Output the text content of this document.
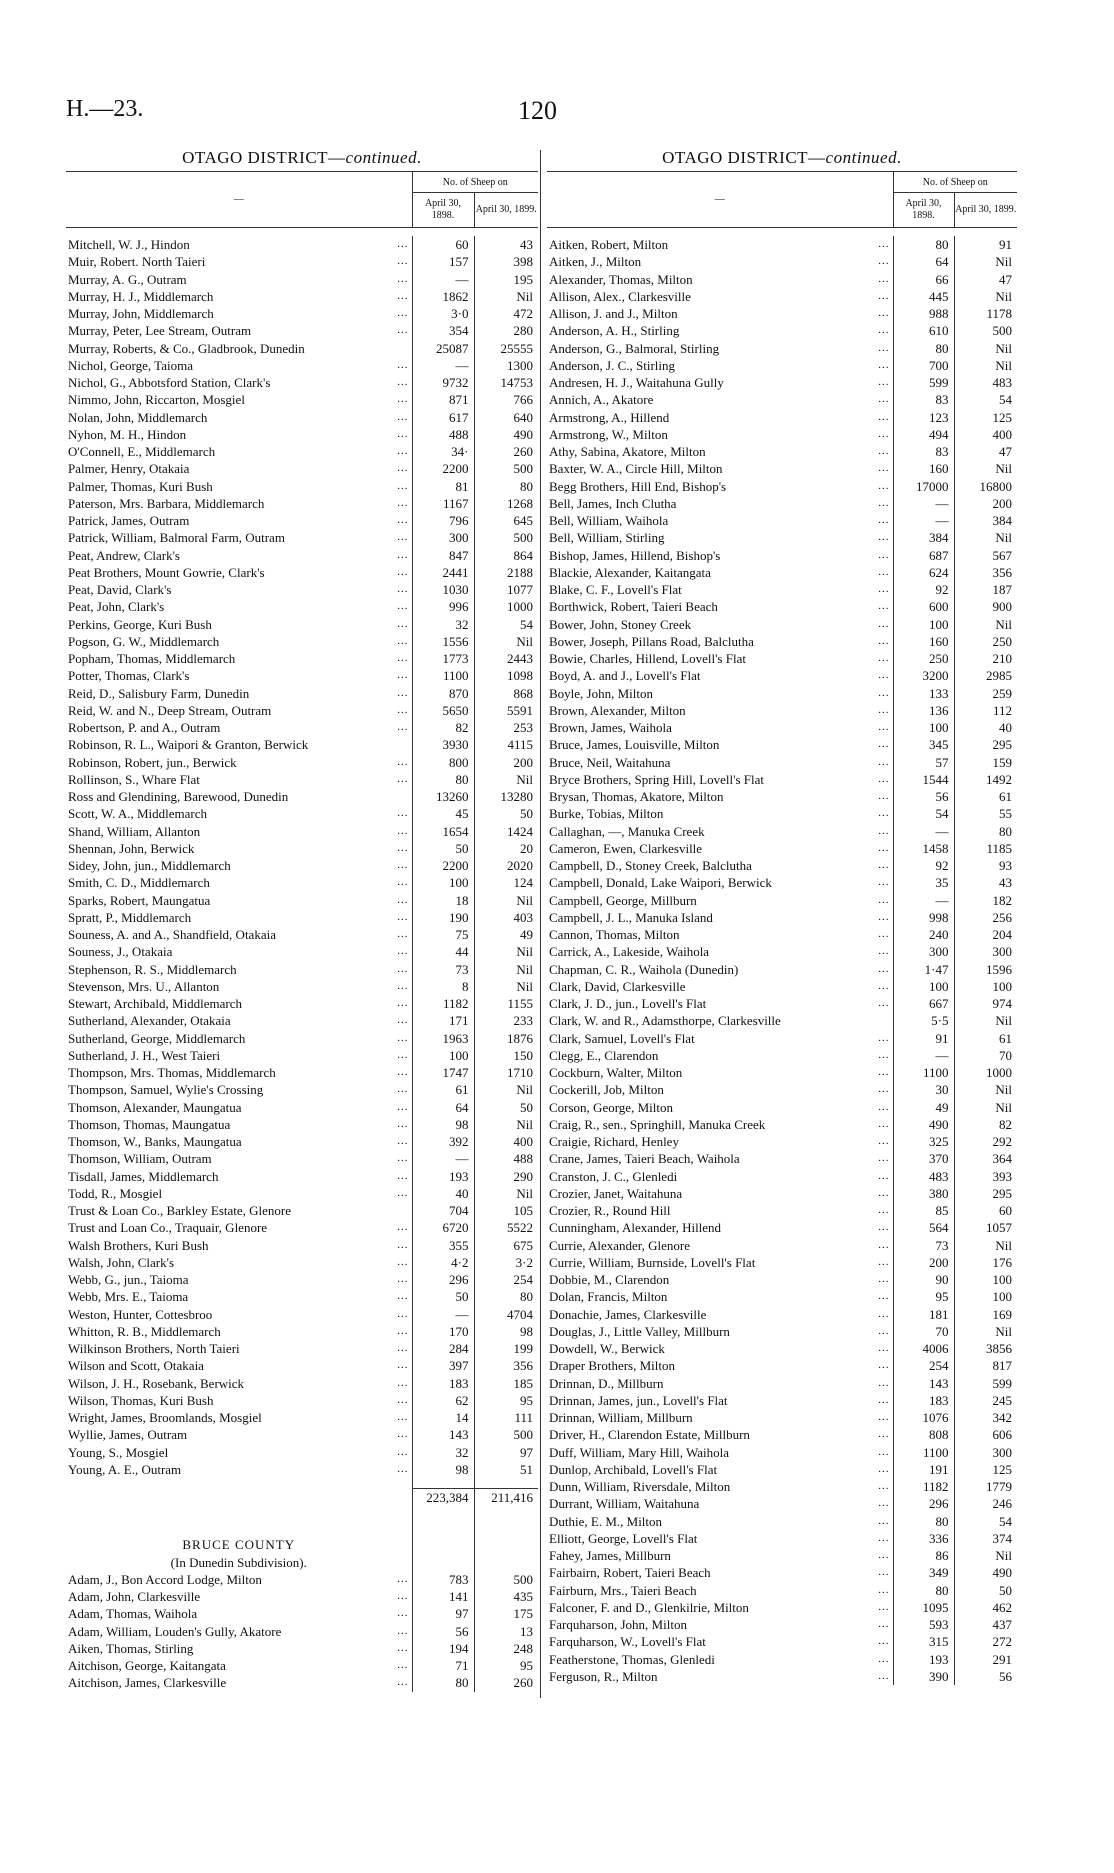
H.—23.	120
OTAGO DISTRICT—continued.
—	No. of Sheep on	
	April 30, 1898.	April 30, 1899.
Mitchell, W. J., Hindon	...	60	43
Muir, Robert. North Taieri	...	157	398
Murray, A. G., Outram	...	—	195
Murray, H. J., Middlemarch	...	1862	Nil
Murray, John, Middlemarch	...	3·0	472
Murray, Peter, Lee Stream, Outram	...	354	280
Murray, Roberts, & Co., Gladbrook, Dunedin		25087	25555
Nichol, George, Taioma	...	—	1300
Nichol, G., Abbotsford Station, Clark's	...	9732	14753
Nimmo, John, Riccarton, Mosgiel	...	871	766
Nolan, John, Middlemarch	...	617	640
Nyhon, M. H., Hindon	...	488	490
O'Connell, E., Middlemarch	...	34·	260
Palmer, Henry, Otakaia	...	2200	500
Palmer, Thomas, Kuri Bush	...	81	80
Paterson, Mrs. Barbara, Middlemarch	...	1167	1268
Patrick, James, Outram	...	796	645
Patrick, William, Balmoral Farm, Outram	...	300	500
Peat, Andrew, Clark's	...	847	864
Peat Brothers, Mount Gowrie, Clark's	...	2441	2188
Peat, David, Clark's	...	1030	1077
Peat, John, Clark's	...	996	1000
Perkins, George, Kuri Bush	...	32	54
Pogson, G. W., Middlemarch	...	1556	Nil
Popham, Thomas, Middlemarch	...	1773	2443
Potter, Thomas, Clark's	...	1100	1098
Reid, D., Salisbury Farm, Dunedin	...	870	868
Reid, W. and N., Deep Stream, Outram	...	5650	5591
Robertson, P. and A., Outram	...	82	253
Robinson, R. L., Waipori & Granton, Berwick		3930	4115
Robinson, Robert, jun., Berwick	...	800	200
Rollinson, S., Whare Flat	...	80	Nil
Ross and Glendining, Barewood, Dunedin		13260	13280
Scott, W. A., Middlemarch	...	45	50
Shand, William, Allanton	...	1654	1424
Shennan, John, Berwick	...	50	20
Sidey, John, jun., Middlemarch	...	2200	2020
Smith, C. D., Middlemarch	...	100	124
Sparks, Robert, Maungatua	...	18	Nil
Spratt, P., Middlemarch	...	190	403
Souness, A. and A., Shandfield, Otakaia	...	75	49
Souness, J., Otakaia	...	44	Nil
Stephenson, R. S., Middlemarch	...	73	Nil
Stevenson, Mrs. U., Allanton	...	8	Nil
Stewart, Archibald, Middlemarch	...	1182	1155
Sutherland, Alexander, Otakaia	...	171	233
Sutherland, George, Middlemarch	...	1963	1876
Sutherland, J. H., West Taieri	...	100	150
Thompson, Mrs. Thomas, Middlemarch	...	1747	1710
Thompson, Samuel, Wylie's Crossing	...	61	Nil
Thomson, Alexander, Maungatua	...	64	50
Thomson, Thomas, Maungatua	...	98	Nil
Thomson, W., Banks, Maungatua	...	392	400
Thomson, William, Outram	...	—	488
Tisdall, James, Middlemarch	...	193	290
Todd, R., Mosgiel	...	40	Nil
Trust & Loan Co., Barkley Estate, Glenore		704	105
Trust and Loan Co., Traquair, Glenore	...	6720	5522
Walsh Brothers, Kuri Bush	...	355	675
Walsh, John, Clark's	...	4·2	3·2
Webb, G., jun., Taioma	...	296	254
Webb, Mrs. E., Taioma	...	50	80
Weston, Hunter, Cottesbroo	...	—	4704
Whitton, R. B., Middlemarch	...	170	98
Wilkinson Brothers, North Taieri	...	284	199
Wilson and Scott, Otakaia	...	397	356
Wilson, J. H., Rosebank, Berwick	...	183	185
Wilson, Thomas, Kuri Bush	...	62	95
Wright, James, Broomlands, Mosgiel	...	14	111
Wyllie, James, Outram	...	143	500
Young, S., Mosgiel	...	32	97
Young, A. E., Outram	...	98	51

		223,384	211,416

BRUCE COUNTY			
(In Dunedin Subdivision).			
Adam, J., Bon Accord Lodge, Milton	...	783	500
Adam, John, Clarkesville	...	141	435
Adam, Thomas, Waihola	...	97	175
Adam, William, Louden's Gully, Akatore	...	56	13
Aiken, Thomas, Stirling	...	194	248
Aitchison, George, Kaitangata	...	71	95
Aitchison, James, Clarkesville	...	80	260
OTAGO DISTRICT—continued.
—	No. of Sheep on	
	April 30, 1898.	April 30, 1899.
Aitken, Robert, Milton	...	80	91
Aitken, J., Milton	...	64	Nil
Alexander, Thomas, Milton	...	66	47
Allison, Alex., Clarkesville	...	445	Nil
Allison, J. and J., Milton	...	988	1178
Anderson, A. H., Stirling	...	610	500
Anderson, G., Balmoral, Stirling	...	80	Nil
Anderson, J. C., Stirling	...	700	Nil
Andresen, H. J., Waitahuna Gully	...	599	483
Annich, A., Akatore	...	83	54
Armstrong, A., Hillend	...	123	125
Armstrong, W., Milton	...	494	400
Athy, Sabina, Akatore, Milton	...	83	47
Baxter, W. A., Circle Hill, Milton	...	160	Nil
Begg Brothers, Hill End, Bishop's	...	17000	16800
Bell, James, Inch Clutha	...	—	200
Bell, William, Waihola	...	—	384
Bell, William, Stirling	...	384	Nil
Bishop, James, Hillend, Bishop's	...	687	567
Blackie, Alexander, Kaitangata	...	624	356
Blake, C. F., Lovell's Flat	...	92	187
Borthwick, Robert, Taieri Beach	...	600	900
Bower, John, Stoney Creek	...	100	Nil
Bower, Joseph, Pillans Road, Balclutha	...	160	250
Bowie, Charles, Hillend, Lovell's Flat	...	250	210
Boyd, A. and J., Lovell's Flat	...	3200	2985
Boyle, John, Milton	...	133	259
Brown, Alexander, Milton	...	136	112
Brown, James, Waihola	...	100	40
Bruce, James, Louisville, Milton	...	345	295
Bruce, Neil, Waitahuna	...	57	159
Bryce Brothers, Spring Hill, Lovell's Flat	...	1544	1492
Brysan, Thomas, Akatore, Milton	...	56	61
Burke, Tobias, Milton	...	54	55
Callaghan, —, Manuka Creek	...	—	80
Cameron, Ewen, Clarkesville	...	1458	1185
Campbell, D., Stoney Creek, Balclutha	...	92	93
Campbell, Donald, Lake Waipori, Berwick	...	35	43
Campbell, George, Millburn	...	—	182
Campbell, J. L., Manuka Island	...	998	256
Cannon, Thomas, Milton	...	240	204
Carrick, A., Lakeside, Waihola	...	300	300
Chapman, C. R., Waihola (Dunedin)	...	1·47	1596
Clark, David, Clarkesville	...	100	100
Clark, J. D., jun., Lovell's Flat	...	667	974
Clark, W. and R., Adamsthorpe, Clarkesville		5·5	Nil
Clark, Samuel, Lovell's Flat	...	91	61
Clegg, E., Clarendon	...	—	70
Cockburn, Walter, Milton	...	1100	1000
Cockerill, Job, Milton	...	30	Nil
Corson, George, Milton	...	49	Nil
Craig, R., sen., Springhill, Manuka Creek	...	490	82
Craigie, Richard, Henley	...	325	292
Crane, James, Taieri Beach, Waihola	...	370	364
Cranston, J. C., Glenledi	...	483	393
Crozier, Janet, Waitahuna	...	380	295
Crozier, R., Round Hill	...	85	60
Cunningham, Alexander, Hillend	...	564	1057
Currie, Alexander, Glenore	...	73	Nil
Currie, William, Burnside, Lovell's Flat	...	200	176
Dobbie, M., Clarendon	...	90	100
Dolan, Francis, Milton	...	95	100
Donachie, James, Clarkesville	...	181	169
Douglas, J., Little Valley, Millburn	...	70	Nil
Dowdell, W., Berwick	...	4006	3856
Draper Brothers, Milton	...	254	817
Drinnan, D., Millburn	...	143	599
Drinnan, James, jun., Lovell's Flat	...	183	245
Drinnan, William, Millburn	...	1076	342
Driver, H., Clarendon Estate, Millburn	...	808	606
Duff, William, Mary Hill, Waihola	...	1100	300
Dunlop, Archibald, Lovell's Flat	...	191	125
Dunn, William, Riversdale, Milton	...	1182	1779
Durrant, William, Waitahuna	...	296	246
Duthie, E. M., Milton	...	80	54
Elliott, George, Lovell's Flat	...	336	374
Fahey, James, Millburn	...	86	Nil
Fairbairn, Robert, Taieri Beach	...	349	490
Fairburn, Mrs., Taieri Beach	...	80	50
Falconer, F. and D., Glenkilrie, Milton	...	1095	462
Farquharson, John, Milton	...	593	437
Farquharson, W., Lovell's Flat	...	315	272
Featherstone, Thomas, Glenledi	...	193	291
Ferguson, R., Milton	...	390	56
